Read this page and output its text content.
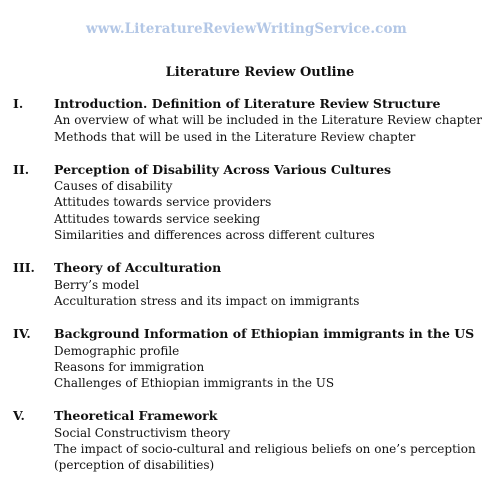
www.LiteratureReviewWritingService.com
Literature Review Outline
I.	Introduction. Definition of Literature Review Structure
An overview of what will be included in the Literature Review chapter
Methods that will be used in the Literature Review chapter
II.	Perception of Disability Across Various Cultures
Causes of disability
Attitudes towards service providers
Attitudes towards service seeking
Similarities and differences across different cultures
III.	Theory of Acculturation
Berry’s model
Acculturation stress and its impact on immigrants
IV.	Background Information of Ethiopian immigrants in the US
Demographic profile
Reasons for immigration
Challenges of Ethiopian immigrants in the US
V.	Theoretical Framework
Social Constructivism theory
The impact of socio-cultural and religious beliefs on one’s perception
(perception of disabilities)
